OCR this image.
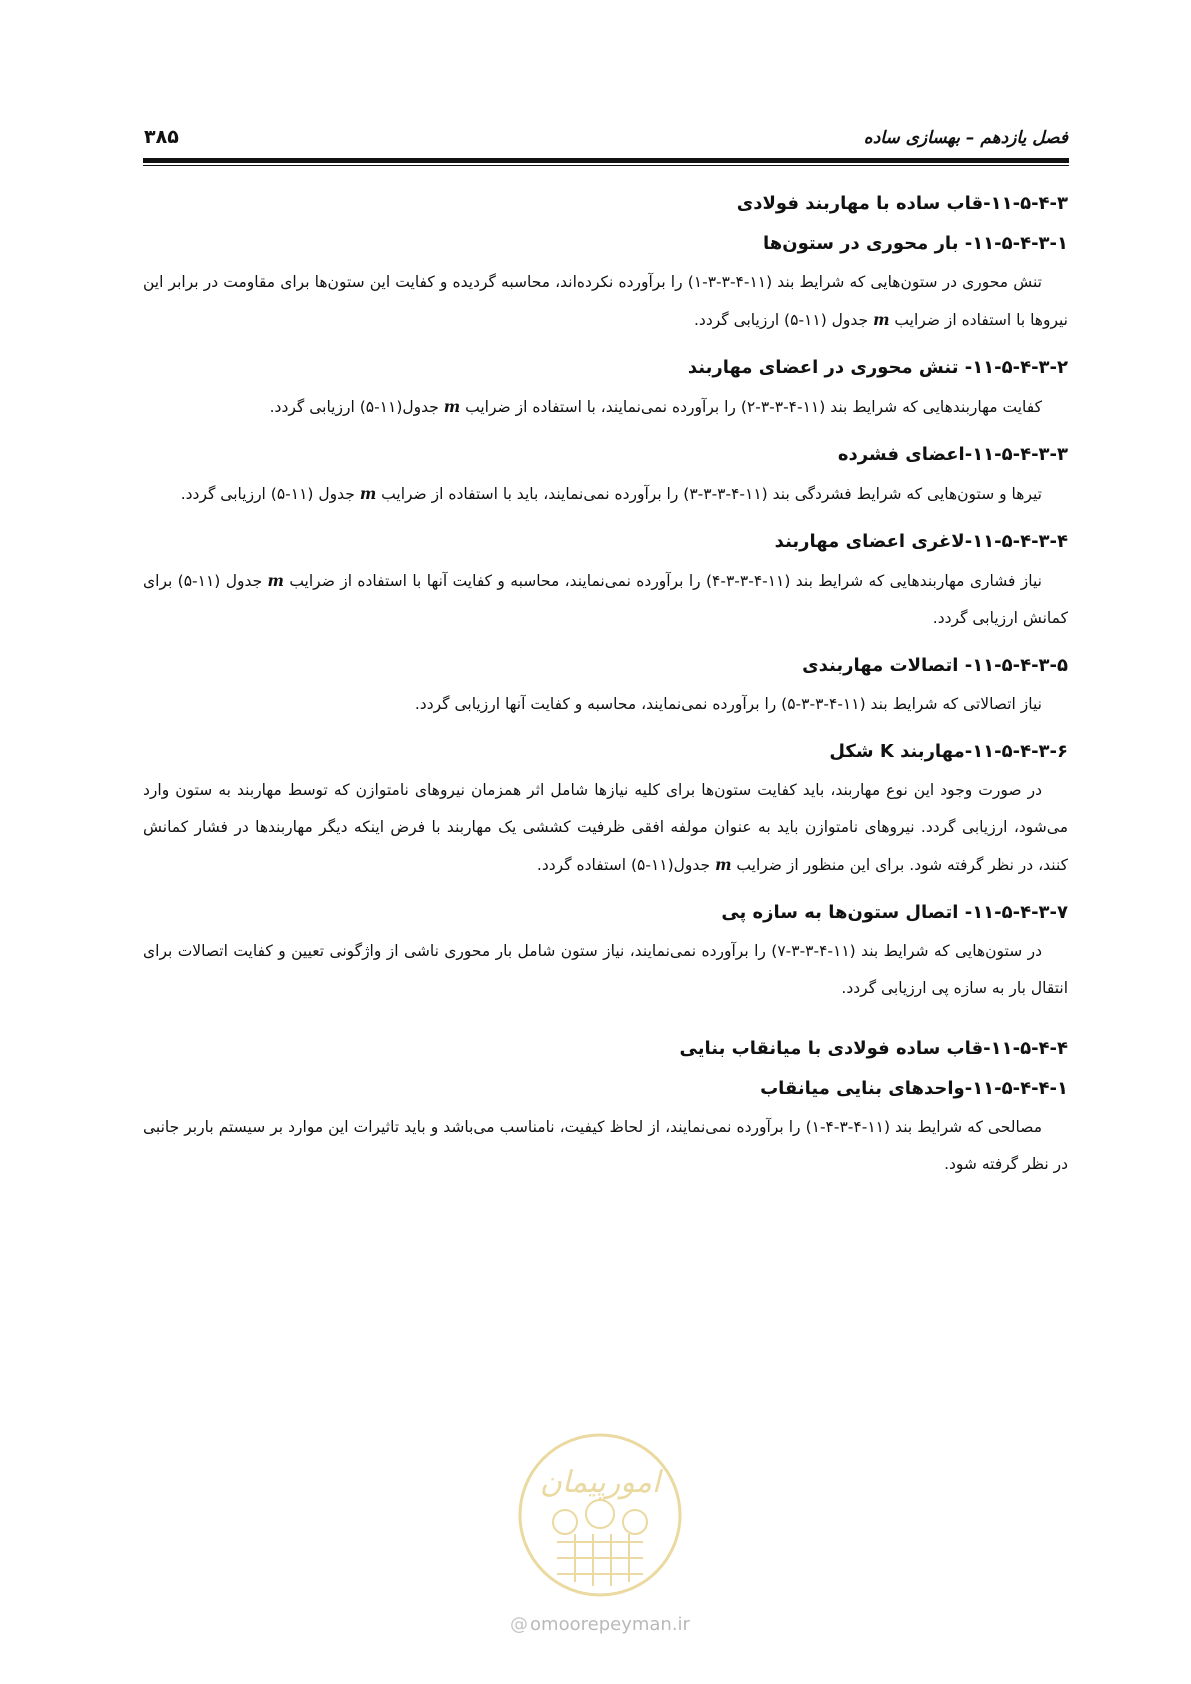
فصل یازدهم – بهسازی ساده
۳۸۵
۱۱-۵-۴-۳-قاب ساده با مهاربند فولادی
۱۱-۵-۴-۳-۱- بار محوری در ستون‌ها

تنش محوری در ستون‌هایی که شرایط بند (۱۱-۴-۳-۳-۱) را برآورده نکرده‌اند، محاسبه گردیده و کفایت این ستون‌ها برای مقاومت در برابر این نیروها با استفاده از ضرایب m جدول (۱۱-۵) ارزیابی گردد.

۱۱-۵-۴-۳-۲- تنش محوری در اعضای مهاربند

کفایت مهاربندهایی که شرایط بند (۱۱-۴-۳-۳-۲) را برآورده نمی‌نمایند، با استفاده از ضرایب m جدول(۱۱-۵) ارزیابی گردد.

۱۱-۵-۴-۳-۳-اعضای فشرده

تیرها و ستون‌هایی که شرایط فشردگی بند (۱۱-۴-۳-۳-۳) را برآورده نمی‌نمایند، باید با استفاده از ضرایب m جدول (۱۱-۵) ارزیابی گردد.

۱۱-۵-۴-۳-۴-لاغری اعضای مهاربند

نیاز فشاری مهاربندهایی که شرایط بند (۱۱-۴-۳-۳-۴) را برآورده نمی‌نمایند، محاسبه و کفایت آنها با استفاده از ضرایب m جدول (۱۱-۵) برای کمانش ارزیابی گردد.

۱۱-۵-۴-۳-۵- اتصالات مهاربندی

نیاز اتصالاتی که شرایط بند (۱۱-۴-۳-۳-۵) را برآورده نمی‌نمایند، محاسبه و کفایت آنها ارزیابی گردد.

۱۱-۵-۴-۳-۶-مهاربند K شکل

در صورت وجود این نوع مهاربند، باید کفایت ستون‌ها برای کلیه نیازها شامل اثر همزمان نیروهای نامتوازن که توسط مهاربند به ستون وارد می‌شود، ارزیابی گردد. نیروهای نامتوازن باید به عنوان مولفه افقی ظرفیت کششی یک مهاربند با فرض اینکه دیگر مهاربندها در فشار کمانش کنند، در نظر گرفته شود. برای این منظور از ضرایب m جدول(۱۱-۵) استفاده گردد.

۱۱-۵-۴-۳-۷- اتصال ستون‌ها به سازه پی

در ستون‌هایی که شرایط بند (۱۱-۴-۳-۳-۷) را برآورده نمی‌نمایند، نیاز ستون شامل بار محوری ناشی از واژگونی تعیین و کفایت اتصالات برای انتقال بار به سازه پی ارزیابی گردد.

۱۱-۵-۴-۴-قاب ساده فولادی با میانقاب بنایی
۱۱-۵-۴-۴-۱-واحدهای بنایی میانقاب

مصالحی که شرایط بند (۱۱-۴-۳-۴-۱) را برآورده نمی‌نمایند، از لحاظ کیفیت، نامناسب می‌باشد و باید تاثیرات این موارد بر سیستم باربر جانبی در نظر گرفته شود.

امورپیمان
@ omoorepeyman.ir
